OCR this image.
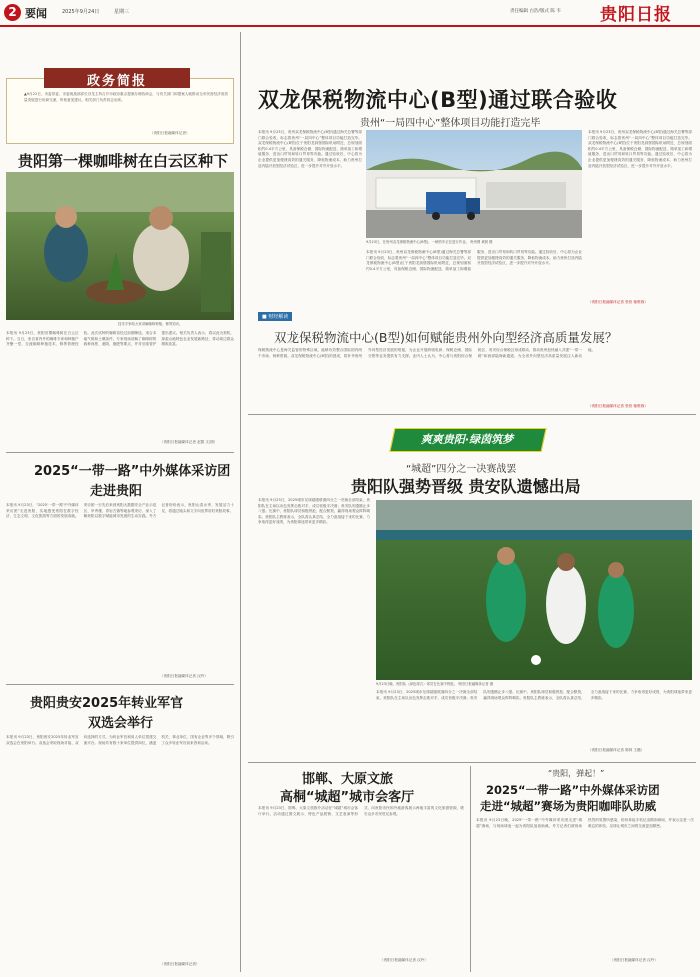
2 要闻	2025年9月24日	星期三	责任编辑 白浩/版式 陈 韦 贵阳日报
政务简报
▲9月22日，市委常委、市委统战部部长谷龙主持召开市政协重点提案办理协商会，与有关部门和提案人就推动全市民营经济高质量发展进行协商交流，听取意见建议。相关部门负责同志出席。
（贵阳日报融媒体记者）
贵阳第一棵咖啡树在白云区种下
技术专家给大家讲解咖啡种植、修剪知识。
本报讯 9月23日，贵阳首棵咖啡树在白云区种下。当日，来自省内外的咖啡专家和种植户齐聚一堂，交流咖啡种植技术、修剪管理经验。此次试种的咖啡苗经过前期筛选，适合本地气候和土壤条件。专家现场讲解了咖啡树的栽种深度、遮阴、施肥等要点，并对后续管护提出建议。相关负责人表示，将以此为契机，探索山地特色农业发展新路径，带动周边群众增收致富。
（贵阳日报融媒体记者 赵黎 文/图）
2025“一带一路”中外媒体采访团
走进贵阳
本报讯 9月23日，“2025‘一带一路’中外媒体采访团”走进贵阳，实地感受贵阳在数字经济、生态文明、文化旅游等方面的发展成就。采访团一行先后来到贵阳大数据安全产业示范区、甲秀楼、青岩古镇等地参观采访，深入了解贵阳以数字赋能城市发展的生动实践。外方记者纷纷表示，贵阳山清水秀、发展活力十足，将通过镜头和文字向世界讲好贵阳故事。
（贵阳日报融媒体记者 汉玲）
贵阳贵安2025年转业军官
双选会举行
本报讯 9月23日，贵阳贵安2025年转业军官双选会在贵阳举行。双选会采取现场对接、双向选择的方式，为转业军官和用人单位搭建交流平台。现场共有数十家单位提供岗位，涵盖机关、事业单位、国有企业等多个领域，吸引了众多转业军官前来咨询洽谈。
（贵阳日报融媒体记者）
双龙保税物流中心(B型)通过联合验收
贵州“一局四中心”整体项目功能打造完毕
本报讯 9月23日，贵州双龙保税物流中心(B型)通过海关总署等部门联合验收，标志着贵州“一局四中心”整体项目功能打造完毕。双龙保税物流中心(B型)位于贵阳龙洞堡国际机场附近，总规划面积约0.4平方公里，具备保税仓储、国际物流配送、简单加工和增值服务、进出口贸易和转口贸易等功能。通过验收后，中心将为企业提供更加便捷高效的通关服务，降低物流成本，助力贵州打造内陆开放型经济试验区，进一步提升对外开放水平。
9月23日，在贵州双龙保税物流中心(B型)，一辆货车正在进行作业。 贵州网 黄树 摄
本报讯 9月23日，贵州双龙保税物流中心(B型)通过海关总署等部门联合验收，标志着贵州“一局四中心”整体项目功能打造完毕。双龙保税物流中心(B型)位于贵阳龙洞堡国际机场附近，总规划面积约0.4平方公里，具备保税仓储、国际物流配送、简单加工和增值服务、进出口贸易和转口贸易等功能。通过验收后，中心将为企业提供更加便捷高效的通关服务，降低物流成本，助力贵州打造内陆开放型经济试验区，进一步提升对外开放水平。
本报讯 9月23日，贵州双龙保税物流中心(B型)通过海关总署等部门联合验收，标志着贵州“一局四中心”整体项目功能打造完毕。双龙保税物流中心(B型)位于贵阳龙洞堡国际机场附近，总规划面积约0.4平方公里，具备保税仓储、国际物流配送、简单加工和增值服务、进出口贸易和转口贸易等功能。通过验收后，中心将为企业提供更加便捷高效的通关服务，降低物流成本，助力贵州打造内陆开放型经济试验区，进一步提升对外开放水平。
（贵阳日报融媒体记者 张恒 郁维蓉）
■ 财经解读
双龙保税物流中心(B型)如何赋能贵州外向型经济高质量发展？
保税物流中心是海关监管的特殊区域，能够有效整合国际国内两个市场、两种资源。双龙保税物流中心(B型)的建成，将补齐贵州外向型经济发展的短板，为企业开展跨境电商、保税仓储、国际分拨等业务提供有力支撑。业内人士认为，中心将与贵阳综合保税区、贵安综合保税区形成联动，推动贵州加快融入共建“一带一路”和西部陆海新通道，为全省外向型经济高质量发展注入新动能。
（贵阳日报融媒体记者 张恒 郁维蓉）
爽爽贵阳·绿茵筑梦
“城超”四分之一决赛战罢
贵阳队强势晋级 贵安队遗憾出局
本报讯 9月23日，2025城市足球超级联赛四分之一决赛全部结束，贵阳队在主场以出色发挥击败对手，成功晋级半决赛；贵安队则遗憾止步八强。比赛中，贵阳队球员积极拼抢、配合默契，赢得现场观众阵阵喝彩。贵阳队主教练表示，全队将认真总结，全力备战接下来的比赛，力争取得更好成绩，为贵阳球迷带来更多精彩。
9月23日晚，贵阳队（绿色球衣）球员在比赛中拼抢。 贵阳日报融媒体记者 摄
本报讯 9月23日，2025城市足球超级联赛四分之一决赛全部结束，贵阳队在主场以出色发挥击败对手，成功晋级半决赛；贵安队则遗憾止步八强。比赛中，贵阳队球员积极拼抢、配合默契，赢得现场观众阵阵喝彩。贵阳队主教练表示，全队将认真总结，全力备战接下来的比赛，力争取得更好成绩，为贵阳球迷带来更多精彩。
（贵阳日报融媒体记者 陈林 王璐）
邯郸、大原文旅
高桐“城超”城市会客厅
本报讯 9月23日，邯郸、大原文旅推介活动在“城超”城市会客厅举行。活动通过图文展示、特色产品展销、文艺表演等形式，向贵阳市民和外地游客展示两地丰富的文化旅游资源，吸引众多市民驻足参观。
（贵阳日报融媒体记者 汉玲）
“贵阳，弹起！”
2025“一带一路”中外媒体采访团
走进“城超”赛场为贵阳咖啡队助威
本报讯 9月23日晚，2025“一带一路”中外媒体采访团走进“城超”赛场，与现场球迷一起为贵阳队加油助威。外方记者们被现场热烈的氛围所感染，纷纷拿起手机记录精彩瞬间，并表示这是一次难忘的体验，足球让城市之间的交流更加紧密。
（贵阳日报融媒体记者 汉玲）
